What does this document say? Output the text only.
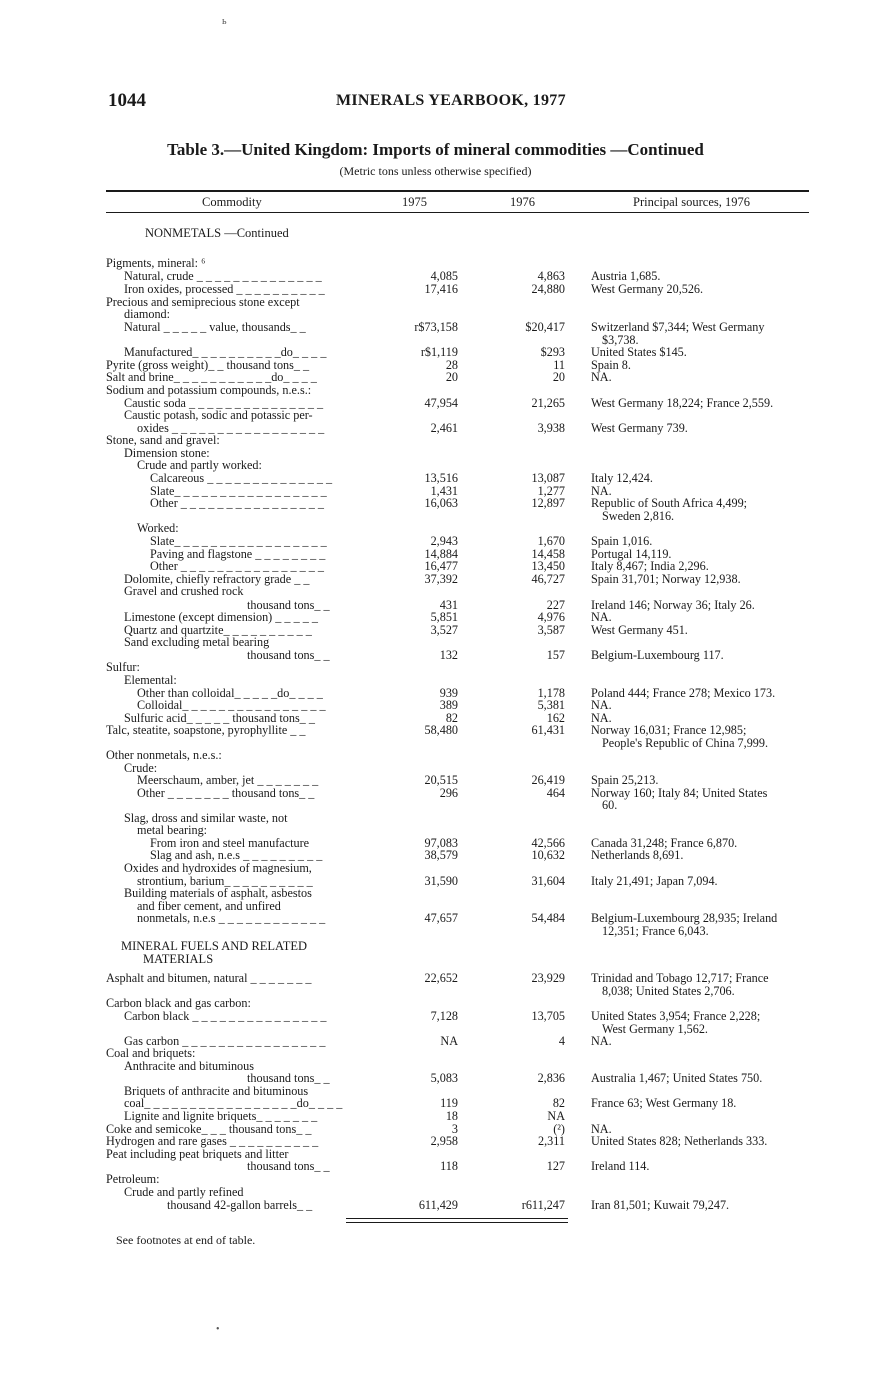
ь
1044	MINERALS YEARBOOK, 1977
Table 3.—United Kingdom: Imports of mineral commodities —Continued
(Metric tons unless otherwise specified)
Commodity	1975	1976	Principal sources, 1976
NONMETALS —Continued
Pigments, mineral: ⁶
Natural, crude _ _ _ _ _ _ _ _ _ _ _ _ _ _	4,085	4,863 Austria 1,685.
Iron oxides, processed _ _ _ _ _ _ _ _ _ _	17,416	24,880 West Germany 20,526.
Precious and semiprecious stone except
diamond:
Natural _ _ _ _ _ value, thousands_ _	r$73,158	$20,417 Switzerland $7,344; West Germany
$3,738.
Manufactured_ _ _ _ _ _ _ _ _ _do_ _ _ _	r$1,119	$293 United States $145.
Pyrite (gross weight)_ _ thousand tons_ _	28	11 Spain 8.
Salt and brine_ _ _ _ _ _ _ _ _ _ _do_ _ _ _	20	20 NA.
Sodium and potassium compounds, n.e.s.:
Caustic soda _ _ _ _ _ _ _ _ _ _ _ _ _ _ _	47,954	21,265 West Germany 18,224; France 2,559.
Caustic potash, sodic and potassic per-
oxides _ _ _ _ _ _ _ _ _ _ _ _ _ _ _ _ _	2,461	3,938 West Germany 739.
Stone, sand and gravel:
Dimension stone:
Crude and partly worked:
Calcareous _ _ _ _ _ _ _ _ _ _ _ _ _ _	13,516	13,087 Italy 12,424.
Slate_ _ _ _ _ _ _ _ _ _ _ _ _ _ _ _ _	1,431	1,277 NA.
Other _ _ _ _ _ _ _ _ _ _ _ _ _ _ _ _	16,063	12,897 Republic of South Africa 4,499;
Sweden 2,816.
Worked:
Slate_ _ _ _ _ _ _ _ _ _ _ _ _ _ _ _ _	2,943	1,670 Spain 1,016.
Paving and flagstone _ _ _ _ _ _ _ _	14,884	14,458 Portugal 14,119.
Other _ _ _ _ _ _ _ _ _ _ _ _ _ _ _ _	16,477	13,450 Italy 8,467; India 2,296.
Dolomite, chiefly refractory grade _ _	37,392	46,727 Spain 31,701; Norway 12,938.
Gravel and crushed rock
thousand tons_ _	431	227 Ireland 146; Norway 36; Italy 26.
Limestone (except dimension) _ _ _ _ _	5,851	4,976 NA.
Quartz and quartzite_ _ _ _ _ _ _ _ _ _	3,527	3,587 West Germany 451.
Sand excluding metal bearing
thousand tons_ _	132	157 Belgium-Luxembourg 117.
Sulfur:
Elemental:
Other than colloidal_ _ _ _ _do_ _ _ _	939	1,178 Poland 444; France 278; Mexico 173.
Colloidal_ _ _ _ _ _ _ _ _ _ _ _ _ _ _ _	389	5,381 NA.
Sulfuric acid_ _ _ _ _ thousand tons_ _	82	162 NA.
Talc, steatite, soapstone, pyrophyllite _ _	58,480	61,431 Norway 16,031; France 12,985;
People's Republic of China 7,999.
Other nonmetals, n.e.s.:
Crude:
Meerschaum, amber, jet _ _ _ _ _ _ _	20,515	26,419 Spain 25,213.
Other _ _ _ _ _ _ _ thousand tons_ _	296	464 Norway 160; Italy 84; United States
60.
Slag, dross and similar waste, not
metal bearing:
From iron and steel manufacture	97,083	42,566 Canada 31,248; France 6,870.
Slag and ash, n.e.s _ _ _ _ _ _ _ _ _	38,579	10,632 Netherlands 8,691.
Oxides and hydroxides of magnesium,
strontium, barium_ _ _ _ _ _ _ _ _ _	31,590	31,604 Italy 21,491; Japan 7,094.
Building materials of asphalt, asbestos
and fiber cement, and unfired
nonmetals, n.e.s _ _ _ _ _ _ _ _ _ _ _ _	47,657	54,484 Belgium-Luxembourg 28,935; Ireland
12,351; France 6,043.
MINERAL FUELS AND RELATED
MATERIALS
Asphalt and bitumen, natural _ _ _ _ _ _ _	22,652	23,929 Trinidad and Tobago 12,717; France
8,038; United States 2,706.
Carbon black and gas carbon:
Carbon black _ _ _ _ _ _ _ _ _ _ _ _ _ _ _	7,128	13,705 United States 3,954; France 2,228;
West Germany 1,562.
Gas carbon _ _ _ _ _ _ _ _ _ _ _ _ _ _ _ _	NA	4 NA.
Coal and briquets:
Anthracite and bituminous
thousand tons_ _	5,083	2,836 Australia 1,467; United States 750.
Briquets of anthracite and bituminous
coal_ _ _ _ _ _ _ _ _ _ _ _ _ _ _ _ _do_ _ _ _	119	82 France 63; West Germany 18.
Lignite and lignite briquets_ _ _ _ _ _ _	18	NA
Coke and semicoke_ _ _ thousand tons_ _	3	(²) NA.
Hydrogen and rare gases _ _ _ _ _ _ _ _ _ _	2,958	2,311 United States 828; Netherlands 333.
Peat including peat briquets and litter
thousand tons_ _	118	127 Ireland 114.
Petroleum:
Crude and partly refined
thousand 42-gallon barrels_ _	611,429	r611,247 Iran 81,501; Kuwait 79,247.
See footnotes at end of table.
•
